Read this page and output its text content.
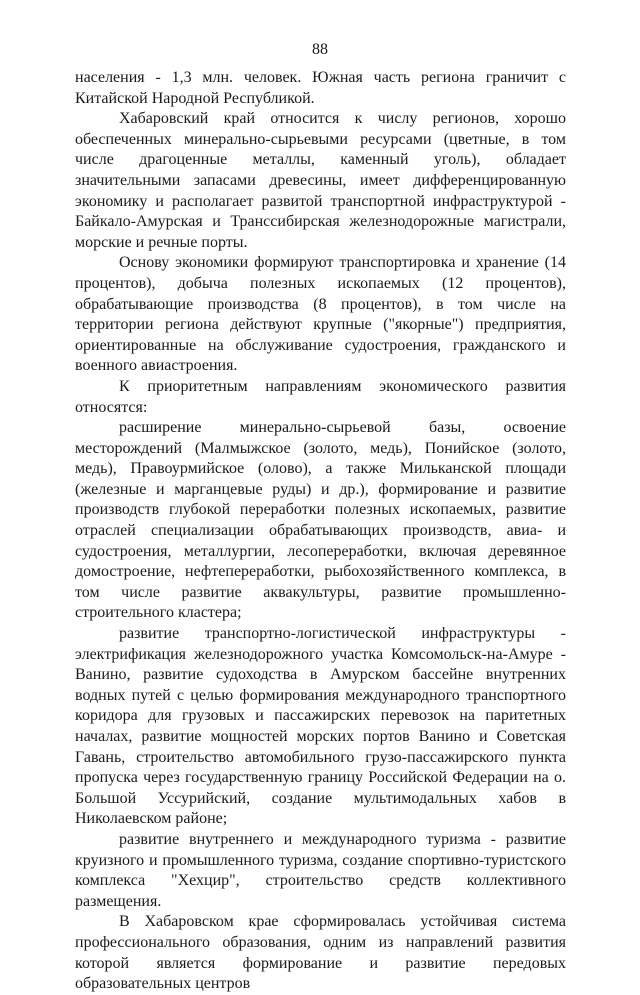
88

населения - 1,3 млн. человек. Южная часть региона граничит с Китайской Народной Республикой.

Хабаровский край относится к числу регионов, хорошо обеспеченных минерально-сырьевыми ресурсами (цветные, в том числе драгоценные металлы, каменный уголь), обладает значительными запасами древесины, имеет дифференцированную экономику и располагает развитой транспортной инфраструктурой - Байкало-Амурская и Транссибирская железнодорожные магистрали, морские и речные порты.

Основу экономики формируют транспортировка и хранение (14 процентов), добыча полезных ископаемых (12 процентов), обрабатывающие производства (8 процентов), в том числе на территории региона действуют крупные ("якорные") предприятия, ориентированные на обслуживание судостроения, гражданского и военного авиастроения.

К приоритетным направлениям экономического развития относятся:

расширение минерально-сырьевой базы, освоение месторождений (Малмыжское (золото, медь), Понийское (золото, медь), Правоурмийское (олово), а также Мильканской площади (железные и марганцевые руды) и др.), формирование и развитие производств глубокой переработки полезных ископаемых, развитие отраслей специализации обрабатывающих производств, авиа- и судостроения, металлургии, лесопереработки, включая деревянное домостроение, нефтепереработки, рыбохозяйственного комплекса, в том числе развитие аквакультуры, развитие промышленно-строительного кластера;

развитие транспортно-логистической инфраструктуры - электрификация железнодорожного участка Комсомольск-на-Амуре - Ванино, развитие судоходства в Амурском бассейне внутренних водных путей с целью формирования международного транспортного коридора для грузовых и пассажирских перевозок на паритетных началах, развитие мощностей морских портов Ванино и Советская Гавань, строительство автомобильного грузо-пассажирского пункта пропуска через государственную границу Российской Федерации на о. Большой Уссурийский, создание мультимодальных хабов в Николаевском районе;

развитие внутреннего и международного туризма - развитие круизного и промышленного туризма, создание спортивно-туристского комплекса "Хехцир", строительство средств коллективного размещения.

В Хабаровском крае сформировалась устойчивая система профессионального образования, одним из направлений развития которой является формирование и развитие передовых образовательных центров
